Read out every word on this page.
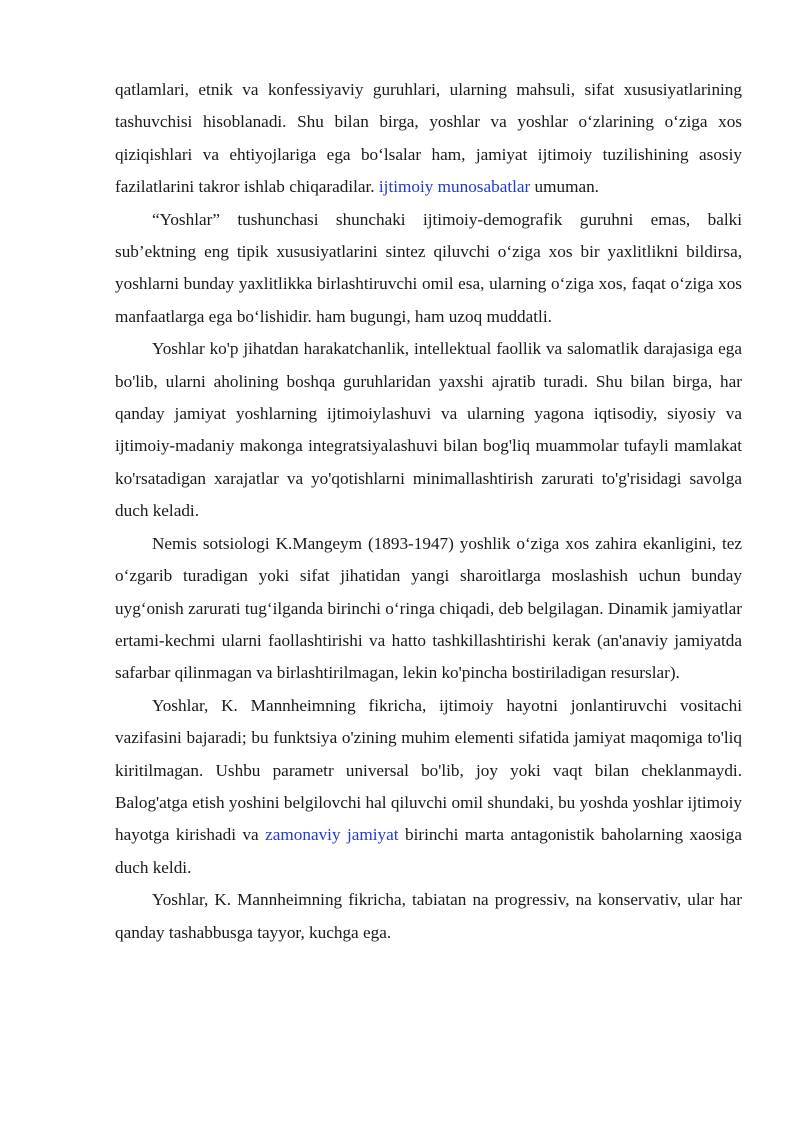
qatlamlari, etnik va konfessiyaviy guruhlari, ularning mahsuli, sifat xususiyatlarining tashuvchisi hisoblanadi. Shu bilan birga, yoshlar va yoshlar o‘zlarining o‘ziga xos qiziqishlari va ehtiyojlariga ega bo‘lsalar ham, jamiyat ijtimoiy tuzilishining asosiy fazilatlarini takror ishlab chiqaradilar. ijtimoiy munosabatlar umuman.

“Yoshlar” tushunchasi shunchaki ijtimoiy-demografik guruhni emas, balki sub’ektning eng tipik xususiyatlarini sintez qiluvchi o‘ziga xos bir yaxlitlikni bildirsa, yoshlarni bunday yaxlitlikka birlashtiruvchi omil esa, ularning o‘ziga xos, faqat o‘ziga xos manfaatlarga ega bo‘lishidir. ham bugungi, ham uzoq muddatli.

Yoshlar ko'p jihatdan harakatchanlik, intellektual faollik va salomatlik darajasiga ega bo'lib, ularni aholining boshqa guruhlaridan yaxshi ajratib turadi. Shu bilan birga, har qanday jamiyat yoshlarning ijtimoiylashuvi va ularning yagona iqtisodiy, siyosiy va ijtimoiy-madaniy makonga integratsiyalashuvi bilan bog'liq muammolar tufayli mamlakat ko'rsatadigan xarajatlar va yo'qotishlarni minimallashtirish zarurati to'g'risidagi savolga duch keladi.

Nemis sotsiologi K.Mangeym (1893-1947) yoshlik o‘ziga xos zahira ekanligini, tez o‘zgarib turadigan yoki sifat jihatidan yangi sharoitlarga moslashish uchun bunday uyg‘onish zarurati tug‘ilganda birinchi o‘ringa chiqadi, deb belgilagan. Dinamik jamiyatlar ertami-kechmi ularni faollashtirishi va hatto tashkillashtirishi kerak (an'anaviy jamiyatda safarbar qilinmagan va birlashtirilmagan, lekin ko'pincha bostiriladigan resurslar).

Yoshlar, K. Mannheimning fikricha, ijtimoiy hayotni jonlantiruvchi vositachi vazifasini bajaradi; bu funktsiya o'zining muhim elementi sifatida jamiyat maqomiga to'liq kiritilmagan. Ushbu parametr universal bo'lib, joy yoki vaqt bilan cheklanmaydi. Balog'atga etish yoshini belgilovchi hal qiluvchi omil shundaki, bu yoshda yoshlar ijtimoiy hayotga kirishadi va zamonaviy jamiyat birinchi marta antagonistik baholarning xaosiga duch keldi.

Yoshlar, K. Mannheimning fikricha, tabiatan na progressiv, na konservativ, ular har qanday tashabbusga tayyor, kuchga ega.
